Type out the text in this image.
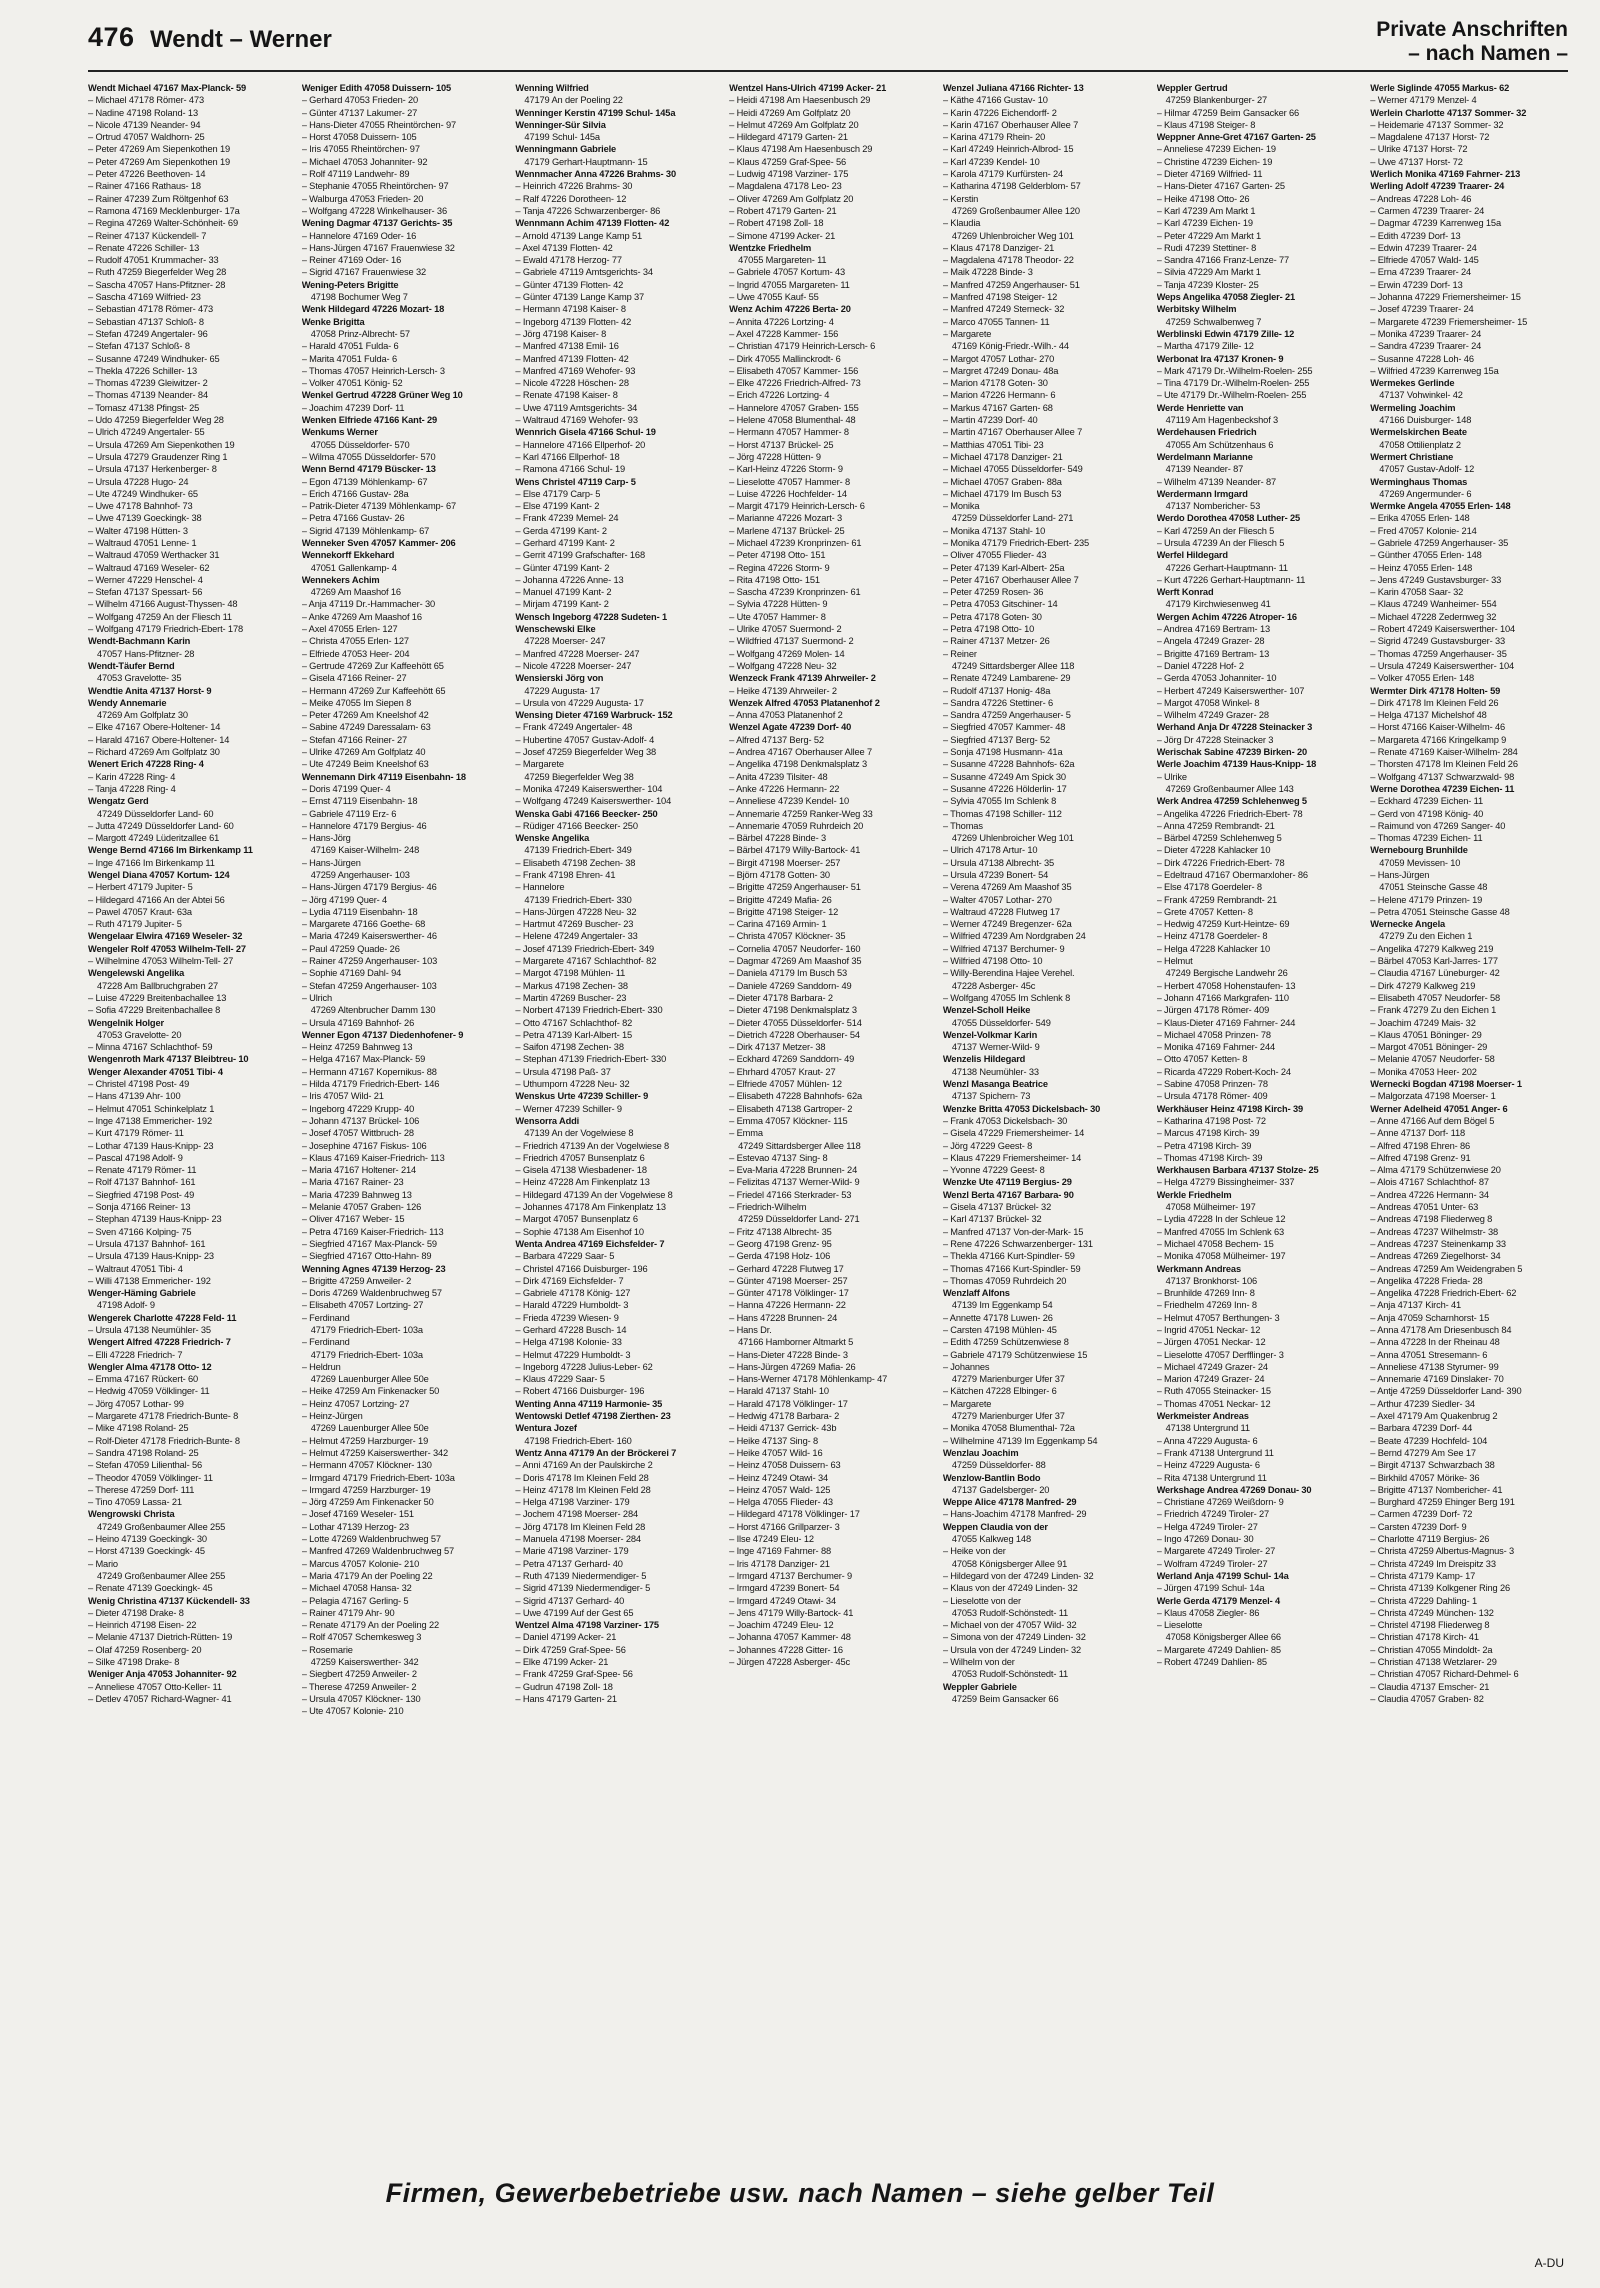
476 Wendt – Werner	Private Anschriften
– nach Namen –
Wendt Michael 47167 Max-Planck- 59
– Michael 47178 Römer- 473
– Nadine 47198 Roland- 13
– Nicole 47139 Neander- 94
– Ortrud 47057 Waldhorn- 25
– Peter 47269 Am Siepenkothen 19
– Peter 47269 Am Siepenkothen 19
– Peter 47226 Beethoven- 14
– Rainer 47166 Rathaus- 18
– Rainer 47239 Zum Röltgenhof 63
– Ramona 47169 Mecklenburger- 17a
– Regina 47269 Walter-Schönheit- 69
– Reiner 47137 Kückendell- 7
– Renate 47226 Schiller- 13
– Rudolf 47051 Krummacher- 33
– Ruth 47259 Biegerfelder Weg 28
– Sascha 47057 Hans-Pfitzner- 28
– Sascha 47169 Wilfried- 23
– Sebastian 47178 Römer- 473
– Sebastian 47137 Schloß- 8
– Stefan 47249 Angertaler- 96
– Stefan 47137 Schloß- 8
– Susanne 47249 Windhuker- 65
– Thekla 47226 Schiller- 13
– Thomas 47239 Gleiwitzer- 2
– Thomas 47139 Neander- 84
– Tomasz 47138 Pfingst- 25
– Udo 47259 Biegerfelder Weg 28
– Ulrich 47249 Angertaler- 55
– Ursula 47269 Am Siepenkothen 19
– Ursula 47279 Graudenzer Ring 1
– Ursula 47137 Herkenberger- 8
– Ursula 47228 Hugo- 24
– Ute 47249 Windhuker- 65
– Uwe 47178 Bahnhof- 73
– Uwe 47139 Goeckingk- 38
– Walter 47198 Hütten- 3
– Waltraud 47051 Lenne- 1
– Waltraud 47059 Werthacker 31
– Waltraud 47169 Weseler- 62
– Werner 47229 Henschel- 4
– Stefan 47137 Spessart- 56
– Wilhelm 47166 August-Thyssen- 48
– Wolfgang 47259 An der Fliesch 11
– Wolfgang 47179 Friedrich-Ebert- 178
Wendt-Bachmann Karin
47057 Hans-Pfitzner- 28
Wendt-Täufer Bernd
47053 Gravelotte- 35
Wendtie Anita 47137 Horst- 9
Wendy Annemarie
47269 Am Golfplatz 30
– Elke 47167 Obere-Holtener- 14
– Harald 47167 Obere-Holtener- 14
– Richard 47269 Am Golfplatz 30
Wenert Erich 47228 Ring- 4
– Karin 47228 Ring- 4
– Tanja 47228 Ring- 4
Wengatz Gerd
47249 Düsseldorfer Land- 60
– Jutta 47249 Düsseldorfer Land- 60
– Margott 47249 Lüderitzallee 61
Wenge Bernd 47166 Im Birkenkamp 11
– Inge 47166 Im Birkenkamp 11
Wengel Diana 47057 Kortum- 124
– Herbert 47179 Jupiter- 5
– Hildegard 47166 An der Abtei 56
– Pawel 47057 Kraut- 63a
– Ruth 47179 Jupiter- 5
Wengelaar Elwira 47169 Weseler- 32
Wengeler Rolf 47053 Wilhelm-Tell- 27
– Wilhelmine 47053 Wilhelm-Tell- 27
Wengelewski Angelika
47228 Am Ballbruchgraben 27
– Luise 47229 Breitenbachallee 13
– Sofia 47229 Breitenbachallee 8
Wengelnik Holger
47053 Gravelotte- 20
– Minna 47167 Schlachthof- 59
Wengenroth Mark 47137 Bleibtreu- 10
Wenger Alexander 47051 Tibi- 4
– Christel 47198 Post- 49
– Hans 47139 Ahr- 100
– Helmut 47051 Schinkelplatz 1
– Inge 47138 Emmericher- 192
– Kurt 47179 Römer- 11
– Lothar 47139 Haus-Knipp- 23
– Pascal 47198 Adolf- 9
– Renate 47179 Römer- 11
– Rolf 47137 Bahnhof- 161
– Siegfried 47198 Post- 49
– Sonja 47166 Reiner- 13
– Stephan 47139 Haus-Knipp- 23
– Sven 47166 Kolping- 75
– Ursula 47137 Bahnhof- 161
– Ursula 47139 Haus-Knipp- 23
– Waltraut 47051 Tibi- 4
– Willi 47138 Emmericher- 192
Wenger-Häming Gabriele
47198 Adolf- 9
Wengerek Charlotte 47228 Feld- 11
– Ursula 47138 Neumühler- 35
Wengert Alfred 47228 Friedrich- 7
– Elli 47228 Friedrich- 7
Wengler Alma 47178 Otto- 12
– Emma 47167 Rückert- 60
– Hedwig 47059 Völklinger- 11
– Jörg 47057 Lothar- 99
– Margarete 47178 Friedrich-Bunte- 8
– Mike 47198 Roland- 25
– Rolf-Dieter 47178 Friedrich-Bunte- 8
– Sandra 47198 Roland- 25
– Stefan 47059 Lilienthal- 56
– Theodor 47059 Völklinger- 11
– Therese 47259 Dorf- 111
– Tino 47059 Lassa- 21
Wengrowski Christa
47249 Großenbaumer Allee 255
– Heino 47139 Goeckingk- 30
– Horst 47139 Goeckingk- 45
– Mario
47249 Großenbaumer Allee 255
– Renate 47139 Goeckingk- 45
Wenig Christina 47137 Kückendell- 33
– Dieter 47198 Drake- 8
– Heinrich 47198 Eisen- 22
– Melanie 47137 Dietrich-Rütten- 19
– Olaf 47259 Rosenberg- 20
– Silke 47198 Drake- 8
Weniger Anja 47053 Johanniter- 92
– Anneliese 47057 Otto-Keller- 11
– Detlev 47057 Richard-Wagner- 41
Weniger Edith 47058 Duissern- 105
– Gerhard 47053 Frieden- 20
– Günter 47137 Lakumer- 27
– Hans-Dieter 47055 Rheintörchen- 97
– Horst 47058 Duissern- 105
– Iris 47055 Rheintörchen- 97
– Michael 47053 Johanniter- 92
– Rolf 47119 Landwehr- 89
– Stephanie 47055 Rheintörchen- 97
– Walburga 47053 Frieden- 20
– Wolfgang 47228 Winkelhauser- 36
Wening Dagmar 47137 Gerichts- 35
– Hannelore 47169 Oder- 16
– Hans-Jürgen 47167 Frauenwiese 32
– Reiner 47169 Oder- 16
– Sigrid 47167 Frauenwiese 32
Wening-Peters Brigitte
47198 Bochumer Weg 7
Wenk Hildegard 47226 Mozart- 18
Wenke Brigitta
47058 Prinz-Albrecht- 57
– Harald 47051 Fulda- 6
– Marita 47051 Fulda- 6
– Thomas 47057 Heinrich-Lersch- 3
– Volker 47051 König- 52
Wenkel Gertrud 47228 Grüner Weg 10
– Joachim 47239 Dorf- 11
Wenken Elfriede 47166 Kant- 29
Wenkums Werner
47055 Düsseldorfer- 570
– Wilma 47055 Düsseldorfer- 570
Wenn Bernd 47179 Büscker- 13
– Egon 47139 Möhlenkamp- 67
– Erich 47166 Gustav- 28a
– Patrik-Dieter 47139 Möhlenkamp- 67
– Petra 47166 Gustav- 26
– Sigrid 47139 Möhlenkamp- 67
Wenneker Sven 47057 Kammer- 206
Wennekorff Ekkehard
47051 Gallenkamp- 4
Wennekers Achim
47269 Am Maashof 16
– Anja 47119 Dr.-Hammacher- 30
– Anke 47269 Am Maashof 16
– Axel 47055 Erlen- 127
– Christa 47055 Erlen- 127
– Elfriede 47053 Heer- 204
– Gertrude 47269 Zur Kaffeehött 65
– Gisela 47166 Reiner- 27
– Hermann 47269 Zur Kaffeehött 65
– Meike 47055 Im Siepen 8
– Peter 47269 Am Kneelshof 42
– Sabine 47249 Daressalam- 63
– Stefan 47166 Reiner- 27
– Ulrike 47269 Am Golfplatz 40
– Ute 47249 Beim Kneelshof 63
Wennemann Dirk 47119 Eisenbahn- 18
– Doris 47199 Quer- 4
– Ernst 47119 Eisenbahn- 18
– Gabriele 47119 Erz- 6
– Hannelore 47179 Bergius- 46
– Hans-Jörg
47169 Kaiser-Wilhelm- 248
– Hans-Jürgen
47259 Angerhauser- 103
– Hans-Jürgen 47179 Bergius- 46
– Jörg 47199 Quer- 4
– Lydia 47119 Eisenbahn- 18
– Margarete 47166 Goethe- 68
– Maria 47249 Kaiserswerther- 46
– Paul 47259 Quade- 26
– Rainer 47259 Angerhauser- 103
– Sophie 47169 Dahl- 94
– Stefan 47259 Angerhauser- 103
– Ulrich
47269 Altenbrucher Damm 130
– Ursula 47169 Bahnhof- 26
Wenner Egon 47137 Diedenhofener- 9
– Heinz 47259 Bahnweg 13
– Helga 47167 Max-Planck- 59
– Hermann 47167 Kopernikus- 88
– Hilda 47179 Friedrich-Ebert- 146
– Iris 47057 Wild- 21
– Ingeborg 47229 Krupp- 40
– Johann 47137 Brückel- 106
– Josef 47057 Wittbruch- 28
– Josephine 47167 Fiskus- 106
– Klaus 47169 Kaiser-Friedrich- 113
– Maria 47167 Holtener- 214
– Maria 47167 Rainer- 23
– Maria 47239 Bahnweg 13
– Melanie 47057 Graben- 126
– Oliver 47167 Weber- 15
– Petra 47169 Kaiser-Friedrich- 113
– Siegfried 47167 Max-Planck- 59
– Siegfried 47167 Otto-Hahn- 89
Wenning Agnes 47139 Herzog- 23
– Brigitte 47259 Anweiler- 2
– Doris 47269 Waldenbruchweg 57
– Elisabeth 47057 Lortzing- 27
– Ferdinand
47179 Friedrich-Ebert- 103a
– Ferdinand
47179 Friedrich-Ebert- 103a
– Heldrun
47269 Lauenburger Allee 50e
– Heike 47259 Am Finkenacker 50
– Heinz 47057 Lortzing- 27
– Heinz-Jürgen
47269 Lauenburger Allee 50e
– Helmut 47259 Harzburger- 19
– Helmut 47259 Kaiserswerther- 342
– Hermann 47057 Klöckner- 130
– Irmgard 47179 Friedrich-Ebert- 103a
– Irmgard 47259 Harzburger- 19
– Jörg 47259 Am Finkenacker 50
– Josef 47169 Weseler- 151
– Lothar 47139 Herzog- 23
– Lotte 47269 Waldenbruchweg 57
– Manfred 47269 Waldenbruchweg 57
– Marcus 47057 Kolonie- 210
– Maria 47179 An der Poeling 22
– Michael 47058 Hansa- 32
– Pelagia 47167 Gerling- 5
– Rainer 47179 Ahr- 90
– Renate 47179 An der Poeling 22
– Rolf 47057 Schemkesweg 3
– Rosemarie
47259 Kaiserswerther- 342
– Siegbert 47259 Anweiler- 2
– Therese 47259 Anweiler- 2
– Ursula 47057 Klöckner- 130
– Ute 47057 Kolonie- 210
Wenning Wilfried
47179 An der Poeling 22
Wenninger Kerstin 47199 Schul- 145a
Wenninger-Sür Silvia
47199 Schul- 145a
Wenningmann Gabriele
47179 Gerhart-Hauptmann- 15
Wennmacher Anna 47226 Brahms- 30
– Heinrich 47226 Brahms- 30
– Ralf 47226 Dorotheen- 12
– Tanja 47226 Schwarzenberger- 86
Wennmann Achim 47139 Flotten- 42
– Arnold 47139 Lange Kamp 51
– Axel 47139 Flotten- 42
– Ewald 47178 Herzog- 77
– Gabriele 47119 Amtsgerichts- 34
– Günter 47139 Flotten- 42
– Günter 47139 Lange Kamp 37
– Hermann 47198 Kaiser- 8
– Ingeborg 47139 Flotten- 42
– Jörg 47198 Kaiser- 8
– Manfred 47138 Emil- 16
– Manfred 47139 Flotten- 42
– Manfred 47169 Wehofer- 93
– Nicole 47228 Höschen- 28
– Renate 47198 Kaiser- 8
– Uwe 47119 Amtsgerichts- 34
– Waltraud 47169 Wehofer- 93
Wennrich Gisela 47166 Schul- 19
– Hannelore 47166 Ellperhof- 20
– Karl 47166 Ellperhof- 18
– Ramona 47166 Schul- 19
Wens Christel 47119 Carp- 5
– Else 47179 Carp- 5
– Else 47199 Kant- 2
– Frank 47239 Memel- 24
– Gerda 47199 Kant- 2
– Gerhard 47199 Kant- 2
– Gerrit 47199 Grafschafter- 168
– Günter 47199 Kant- 2
– Johanna 47226 Anne- 13
– Manuel 47199 Kant- 2
– Mirjam 47199 Kant- 2
Wensch Ingeborg 47228 Sudeten- 1
Wenschewski Elke
47228 Moerser- 247
– Manfred 47228 Moerser- 247
– Nicole 47228 Moerser- 247
Wensierski Jörg von
47229 Augusta- 17
– Ursula von 47229 Augusta- 17
Wensing Dieter 47169 Warbruck- 152
– Frank 47249 Angertaler- 48
– Hubertine 47057 Gustav-Adolf- 4
– Josef 47259 Biegerfelder Weg 38
– Margarete
47259 Biegerfelder Weg 38
– Monika 47249 Kaiserswerther- 104
– Wolfgang 47249 Kaiserswerther- 104
Wenska Gabi 47166 Beecker- 250
– Rüdiger 47166 Beecker- 250
Wenske Angelika
47139 Friedrich-Ebert- 349
– Elisabeth 47198 Zechen- 38
– Frank 47198 Ehren- 41
– Hannelore
47139 Friedrich-Ebert- 330
– Hans-Jürgen 47228 Neu- 32
– Hartmut 47269 Buscher- 23
– Helene 47249 Angertaler- 33
– Josef 47139 Friedrich-Ebert- 349
– Margarete 47167 Schlachthof- 82
– Margot 47198 Mühlen- 11
– Markus 47198 Zechen- 38
– Martin 47269 Buscher- 23
– Norbert 47139 Friedrich-Ebert- 330
– Otto 47167 Schlachthof- 82
– Petra 47139 Karl-Albert- 15
– Saifon 47198 Zechen- 38
– Stephan 47139 Friedrich-Ebert- 330
– Ursula 47198 Paß- 37
– Uthumporn 47228 Neu- 32
Wenskus Urte 47239 Schiller- 9
– Werner 47239 Schiller- 9
Wensorra Addi
47139 An der Vogelwiese 8
– Friedrich 47139 An der Vogelwiese 8
– Friedrich 47057 Bunsenplatz 6
– Gisela 47138 Wiesbadener- 18
– Heinz 47228 Am Finkenplatz 13
– Hildegard 47139 An der Vogelwiese 8
– Johannes 47178 Am Finkenplatz 13
– Margot 47057 Bunsenplatz 6
– Sophie 47138 Am Eisenhof 10
Wenta Andrea 47169 Eichsfelder- 7
– Barbara 47229 Saar- 5
– Christel 47166 Duisburger- 196
– Dirk 47169 Eichsfelder- 7
– Gabriele 47178 König- 127
– Harald 47229 Humboldt- 3
– Frieda 47239 Wiesen- 9
– Gerhard 47228 Busch- 14
– Helga 47198 Kolonie- 33
– Helmut 47229 Humboldt- 3
– Ingeborg 47228 Julius-Leber- 62
– Klaus 47229 Saar- 5
– Robert 47166 Duisburger- 196
Wenting Anna 47119 Harmonie- 35
Wentowski Detlef 47198 Zierthen- 23
Wentura Jozef
47198 Friedrich-Ebert- 160
Wentz Anna 47179 An der Bröckerei 7
– Anni 47169 An der Paulskirche 2
– Doris 47178 Im Kleinen Feld 28
– Heinz 47178 Im Kleinen Feld 28
– Helga 47198 Varziner- 179
– Jochem 47198 Moerser- 284
– Jörg 47178 Im Kleinen Feld 28
– Manuela 47198 Moerser- 284
– Marie 47198 Varziner- 179
– Petra 47137 Gerhard- 40
– Ruth 47139 Niedermendiger- 5
– Sigrid 47139 Niedermendiger- 5
– Sigrid 47137 Gerhard- 40
– Uwe 47199 Auf der Gest 65
Wentzel Alma 47198 Varziner- 175
– Daniel 47199 Acker- 21
– Dirk 47259 Graf-Spee- 56
– Elke 47199 Acker- 21
– Frank 47259 Graf-Spee- 56
– Gudrun 47198 Zoll- 18
– Hans 47179 Garten- 21
Wentzel Hans-Ulrich 47199 Acker- 21
– Heidi 47198 Am Haesenbusch 29
– Heidi 47269 Am Golfplatz 20
– Helmut 47269 Am Golfplatz 20
– Hildegard 47179 Garten- 21
– Klaus 47198 Am Haesenbusch 29
– Klaus 47259 Graf-Spee- 56
– Ludwig 47198 Varziner- 175
– Magdalena 47178 Leo- 23
– Oliver 47269 Am Golfplatz 20
– Robert 47179 Garten- 21
– Robert 47198 Zoll- 18
– Simone 47199 Acker- 21
Wentzke Friedhelm
47055 Margareten- 11
– Gabriele 47057 Kortum- 43
– Ingrid 47055 Margareten- 11
– Uwe 47055 Kauf- 55
Wenz Achim 47226 Berta- 20
– Annita 47226 Lortzing- 4
– Axel 47228 Kammer- 156
– Christian 47179 Heinrich-Lersch- 6
– Dirk 47055 Mallinckrodt- 6
– Elisabeth 47057 Kammer- 156
– Elke 47226 Friedrich-Alfred- 73
– Erich 47226 Lortzing- 4
– Hannelore 47057 Graben- 155
– Helene 47058 Blumenthal- 48
– Hermann 47057 Hammer- 8
– Horst 47137 Brückel- 25
– Jörg 47228 Hütten- 9
– Karl-Heinz 47226 Storm- 9
– Lieselotte 47057 Hammer- 8
– Luise 47226 Hochfelder- 14
– Margit 47179 Heinrich-Lersch- 6
– Marianne 47226 Mozart- 3
– Marlene 47137 Brückel- 25
– Michael 47239 Kronprinzen- 61
– Peter 47198 Otto- 151
– Regina 47226 Storm- 9
– Rita 47198 Otto- 151
– Sascha 47239 Kronprinzen- 61
– Sylvia 47228 Hütten- 9
– Ute 47057 Hammer- 8
– Ulrike 47057 Suermond- 2
– Wildfried 47137 Suermond- 2
– Wolfgang 47269 Molen- 14
– Wolfgang 47228 Neu- 32
Wenzeck Frank 47139 Ahrweiler- 2
– Heike 47139 Ahrweiler- 2
Wenzek Alfred 47053 Platanenhof 2
– Anna 47053 Platanenhof 2
Wenzel Agate 47239 Dorf- 40
– Alfred 47137 Berg- 52
– Andrea 47167 Oberhauser Allee 7
– Angelika 47198 Denkmalsplatz 3
– Anita 47239 Tilsiter- 48
– Anke 47226 Hermann- 22
– Anneliese 47239 Kendel- 10
– Annemarie 47259 Ranker-Weg 33
– Annemarie 47059 Ruhrdeich 20
– Bärbel 47228 Binde- 3
– Bärbel 47179 Willy-Bartock- 41
– Birgit 47198 Moerser- 257
– Björn 47178 Gotten- 30
– Brigitte 47259 Angerhauser- 51
– Brigitte 47249 Mafia- 26
– Brigitte 47198 Steiger- 12
– Carina 47169 Armin- 1
– Christa 47057 Klöckner- 35
– Cornelia 47057 Neudorfer- 160
– Dagmar 47269 Am Maashof 35
– Daniela 47179 Im Busch 53
– Daniele 47269 Sanddorn- 49
– Dieter 47178 Barbara- 2
– Dieter 47198 Denkmalsplatz 3
– Dieter 47055 Düsseldorfer- 514
– Dietrich 47228 Oberhauser- 54
– Dirk 47137 Metzer- 38
– Eckhard 47269 Sanddorn- 49
– Ehrhard 47057 Kraut- 27
– Elfriede 47057 Mühlen- 12
– Elisabeth 47228 Bahnhofs- 62a
– Elisabeth 47138 Gartroper- 2
– Emma 47057 Klöckner- 115
– Emma
47249 Sittardsberger Allee 118
– Estevao 47137 Sing- 8
– Eva-Maria 47228 Brunnen- 24
– Felizitas 47137 Werner-Wild- 9
– Friedel 47166 Sterkrader- 53
– Friedrich-Wilhelm
47259 Düsseldorfer Land- 271
– Fritz 47138 Albrecht- 35
– Georg 47198 Grenz- 95
– Gerda 47198 Holz- 106
– Gerhard 47228 Flutweg 17
– Günter 47198 Moerser- 257
– Günter 47178 Völklinger- 17
– Hanna 47226 Hermann- 22
– Hans 47228 Brunnen- 24
– Hans Dr.
47166 Hamborner Altmarkt 5
– Hans-Dieter 47228 Binde- 3
– Hans-Jürgen 47269 Mafia- 26
– Hans-Werner 47178 Möhlenkamp- 47
– Harald 47137 Stahl- 10
– Harald 47178 Völklinger- 17
– Hedwig 47178 Barbara- 2
– Heidi 47137 Gerrick- 43b
– Heike 47137 Sing- 8
– Heike 47057 Wild- 16
– Heinz 47058 Duissern- 63
– Heinz 47249 Otawi- 34
– Heinz 47057 Wald- 125
– Helga 47055 Flieder- 43
– Hildegard 47178 Völklinger- 17
– Horst 47166 Grillparzer- 3
– Ilse 47249 Eleu- 12
– Inge 47169 Fahrner- 88
– Iris 47178 Danziger- 21
– Irmgard 47137 Berchumer- 9
– Irmgard 47239 Bonert- 54
– Irmgard 47249 Otawi- 34
– Jens 47179 Willy-Bartock- 41
– Joachim 47249 Eleu- 12
– Johanna 47057 Kammer- 48
– Johannes 47228 Gitter- 16
– Jürgen 47228 Asberger- 45c
Wenzel Juliana 47166 Richter- 13
– Käthe 47166 Gustav- 10
– Karin 47226 Eichendorff- 2
– Karin 47167 Oberhauser Allee 7
– Karina 47179 Rhein- 20
– Karl 47249 Heinrich-Albrod- 15
– Karl 47239 Kendel- 10
– Karola 47179 Kurfürsten- 24
– Katharina 47198 Gelderblom- 57
– Kerstin
47269 Großenbaumer Allee 120
– Klaudia
47269 Uhlenbroicher Weg 101
– Klaus 47178 Danziger- 21
– Magdalena 47178 Theodor- 22
– Maik 47228 Binde- 3
– Manfred 47259 Angerhauser- 51
– Manfred 47198 Steiger- 12
– Manfred 47249 Sterneck- 32
– Marco 47055 Tannen- 11
– Margarete
47169 König-Friedr.-Wilh.- 44
– Margot 47057 Lothar- 270
– Margret 47249 Donau- 48a
– Marion 47178 Goten- 30
– Marion 47226 Hermann- 6
– Markus 47167 Garten- 68
– Martin 47239 Dorf- 40
– Martin 47167 Oberhauser Allee 7
– Matthias 47051 Tibi- 23
– Michael 47178 Danziger- 21
– Michael 47055 Düsseldorfer- 549
– Michael 47057 Graben- 88a
– Michael 47179 Im Busch 53
– Monika
47259 Düsseldorfer Land- 271
– Monika 47137 Stahl- 10
– Monika 47179 Friedrich-Ebert- 235
– Oliver 47055 Flieder- 43
– Peter 47139 Karl-Albert- 25a
– Peter 47167 Oberhauser Allee 7
– Peter 47259 Rosen- 36
– Petra 47053 Gitschiner- 14
– Petra 47178 Goten- 30
– Petra 47198 Otto- 10
– Rainer 47137 Metzer- 26
– Reiner
47249 Sittardsberger Allee 118
– Renate 47249 Lambarene- 29
– Rudolf 47137 Honig- 48a
– Sandra 47226 Stettiner- 6
– Sandra 47259 Angerhauser- 5
– Siegfried 47057 Kammer- 48
– Siegfried 47137 Berg- 52
– Sonja 47198 Husmann- 41a
– Susanne 47228 Bahnhofs- 62a
– Susanne 47249 Am Spick 30
– Susanne 47226 Hölderlin- 17
– Sylvia 47055 Im Schlenk 8
– Thomas 47198 Schiller- 112
– Thomas
47269 Uhlenbroicher Weg 101
– Ulrich 47178 Artur- 10
– Ursula 47138 Albrecht- 35
– Ursula 47239 Bonert- 54
– Verena 47269 Am Maashof 35
– Walter 47057 Lothar- 270
– Waltraud 47228 Flutweg 17
– Werner 47249 Bregenzer- 62a
– Wilfried 47239 Am Nordgraben 24
– Wilfried 47137 Berchumer- 9
– Wilfried 47198 Otto- 10
– Willy-Berendina Hajee Verehel.
47228 Asberger- 45c
– Wolfgang 47055 Im Schlenk 8
Wenzel-Scholl Heike
47055 Düsseldorfer- 549
Wenzel-Volkmar Karin
47137 Werner-Wild- 9
Wenzelis Hildegard
47138 Neumühler- 33
Wenzl Masanga Beatrice
47137 Spichern- 73
Wenzke Britta 47053 Dickelsbach- 30
– Frank 47053 Dickelsbach- 30
– Gisela 47229 Friemersheimer- 14
– Jörg 47229 Geest- 8
– Klaus 47229 Friemersheimer- 14
– Yvonne 47229 Geest- 8
Wenzke Ute 47119 Bergius- 29
Wenzl Berta 47167 Barbara- 90
– Gisela 47137 Brückel- 32
– Karl 47137 Brückel- 32
– Manfred 47137 Von-der-Mark- 15
– Rene 47226 Schwarzenberger- 131
– Thekla 47166 Kurt-Spindler- 59
– Thomas 47166 Kurt-Spindler- 59
– Thomas 47059 Ruhrdeich 20
Wenzlaff Alfons
47139 Im Eggenkamp 54
– Annette 47178 Luwen- 26
– Carsten 47198 Mühlen- 45
– Edith 47259 Schützenwiese 8
– Gabriele 47179 Schützenwiese 15
– Johannes
47279 Marienburger Ufer 37
– Kätchen 47228 Elbinger- 6
– Margarete
47279 Marienburger Ufer 37
– Monika 47058 Blumenthal- 72a
– Wilhelmine 47139 Im Eggenkamp 54
Wenzlau Joachim
47259 Düsseldorfer- 88
Wenzlow-Bantlin Bodo
47137 Gadelsberger- 20
Weppe Alice 47178 Manfred- 29
– Hans-Joachim 47178 Manfred- 29
Weppen Claudia von der
47055 Kalkweg 148
– Heike von der
47058 Königsberger Allee 91
– Hildegard von der 47249 Linden- 32
– Klaus von der 47249 Linden- 32
– Lieselotte von der
47053 Rudolf-Schönstedt- 11
– Michael von der 47057 Wild- 32
– Simona von der 47249 Linden- 32
– Ursula von der 47249 Linden- 32
– Wilhelm von der
47053 Rudolf-Schönstedt- 11
Weppler Gabriele
47259 Beim Gansacker 66
Weppler Gertrud
47259 Blankenburger- 27
– Hilmar 47259 Beim Gansacker 66
– Klaus 47198 Steiger- 8
Weppner Anne-Gret 47167 Garten- 25
– Anneliese 47239 Eichen- 19
– Christine 47239 Eichen- 19
– Dieter 47169 Wilfried- 11
– Hans-Dieter 47167 Garten- 25
– Heike 47198 Otto- 26
– Karl 47239 Am Markt 1
– Karl 47239 Eichen- 19
– Peter 47229 Am Markt 1
– Rudi 47239 Stettiner- 8
– Sandra 47166 Franz-Lenze- 77
– Silvia 47229 Am Markt 1
– Tanja 47239 Kloster- 25
Weps Angelika 47058 Ziegler- 21
Werbitsky Wilhelm
47259 Schwalbenweg 7
Werblinski Edwin 47179 Zille- 12
– Martha 47179 Zille- 12
Werbonat Ira 47137 Kronen- 9
– Mark 47179 Dr.-Wilhelm-Roelen- 255
– Tina 47179 Dr.-Wilhelm-Roelen- 255
– Ute 47179 Dr.-Wilhelm-Roelen- 255
Werde Henriette van
47119 Am Hagenbeckshof 3
Werdehausen Friedrich
47055 Am Schützenhaus 6
Werdelmann Marianne
47139 Neander- 87
– Wilhelm 47139 Neander- 87
Werdermann Irmgard
47137 Nombericher- 53
Werdo Dorothea 47058 Luther- 25
– Karl 47259 An der Fliesch 5
– Ursula 47239 An der Fliesch 5
Werfel Hildegard
47226 Gerhart-Hauptmann- 11
– Kurt 47226 Gerhart-Hauptmann- 11
Werft Konrad
47179 Kirchwiesenweg 41
Wergen Achim 47226 Atroper- 16
– Andrea 47169 Bertram- 13
– Angela 47249 Grazer- 28
– Brigitte 47169 Bertram- 13
– Daniel 47228 Hof- 2
– Gerda 47053 Johanniter- 10
– Herbert 47249 Kaiserswerther- 107
– Margot 47058 Winkel- 8
– Wilhelm 47249 Grazer- 28
Werhand Anja Dr 47228 Steinacker 3
– Jörg Dr 47228 Steinacker 3
Werischak Sabine 47239 Birken- 20
Werle Joachim 47139 Haus-Knipp- 18
– Ulrike
47269 Großenbaumer Allee 143
Werk Andrea 47259 Schlehenweg 5
– Angelika 47226 Friedrich-Ebert- 78
– Anna 47259 Rembrandt- 21
– Bärbel 47259 Schlehenweg 5
– Dieter 47228 Kahlacker 10
– Dirk 47226 Friedrich-Ebert- 78
– Edeltraud 47167 Obermarxloher- 86
– Else 47178 Goerdeler- 8
– Frank 47259 Rembrandt- 21
– Grete 47057 Ketten- 8
– Hedwig 47259 Kurt-Heintze- 69
– Heinz 47178 Goerdeler- 8
– Helga 47228 Kahlacker 10
– Helmut
47249 Bergische Landwehr 26
– Herbert 47058 Hohenstaufen- 13
– Johann 47166 Markgrafen- 110
– Jürgen 47178 Römer- 409
– Klaus-Dieter 47169 Fahrner- 244
– Michael 47058 Prinzen- 78
– Monika 47169 Fahrner- 244
– Otto 47057 Ketten- 8
– Ricarda 47229 Robert-Koch- 24
– Sabine 47058 Prinzen- 78
– Ursula 47178 Römer- 409
Werkhäuser Heinz 47198 Kirch- 39
– Katharina 47198 Post- 72
– Marcus 47198 Kirch- 39
– Petra 47198 Kirch- 39
– Thomas 47198 Kirch- 39
Werkhausen Barbara 47137 Stolze- 25
– Helga 47279 Bissingheimer- 337
Werkle Friedhelm
47058 Mülheimer- 197
– Lydia 47228 In der Schleue 12
– Manfred 47055 Im Schlenk 63
– Michael 47058 Bechem- 15
– Monika 47058 Mülheimer- 197
Werkmann Andreas
47137 Bronkhorst- 106
– Brunhilde 47269 Inn- 8
– Friedhelm 47269 Inn- 8
– Helmut 47057 Berthungen- 3
– Ingrid 47051 Neckar- 12
– Jürgen 47051 Neckar- 12
– Lieselotte 47057 Derfflinger- 3
– Michael 47249 Grazer- 24
– Marion 47249 Grazer- 24
– Ruth 47055 Steinacker- 15
– Thomas 47051 Neckar- 12
Werkmeister Andreas
47138 Untergrund 11
– Anna 47229 Augusta- 6
– Frank 47138 Untergrund 11
– Heinz 47229 Augusta- 6
– Rita 47138 Untergrund 11
Werkshage Andrea 47269 Donau- 30
– Christiane 47269 Weißdorn- 9
– Friedrich 47249 Tiroler- 27
– Helga 47249 Tiroler- 27
– Ingo 47269 Donau- 30
– Margarete 47249 Tiroler- 27
– Wolfram 47249 Tiroler- 27
Werland Anja 47199 Schul- 14a
– Jürgen 47199 Schul- 14a
Werle Gerda 47179 Menzel- 4
– Klaus 47058 Ziegler- 86
– Lieselotte
47058 Königsberger Allee 66
– Margarete 47249 Dahlien- 85
– Robert 47249 Dahlien- 85
Werle Siglinde 47055 Markus- 62
– Werner 47179 Menzel- 4
Werlein Charlotte 47137 Sommer- 32
– Heidemarie 47137 Sommer- 32
– Magdalene 47137 Horst- 72
– Ulrike 47137 Horst- 72
– Uwe 47137 Horst- 72
Werlich Monika 47169 Fahrner- 213
Werling Adolf 47239 Traarer- 24
– Andreas 47228 Loh- 46
– Carmen 47239 Traarer- 24
– Dagmar 47239 Karrenweg 15a
– Edith 47239 Dorf- 13
– Edwin 47239 Traarer- 24
– Elfriede 47057 Wald- 145
– Erna 47239 Traarer- 24
– Erwin 47239 Dorf- 13
– Johanna 47229 Friemersheimer- 15
– Josef 47239 Traarer- 24
– Margarete 47239 Friemersheimer- 15
– Monika 47239 Traarer- 24
– Sandra 47239 Traarer- 24
– Susanne 47228 Loh- 46
– Wilfried 47239 Karrenweg 15a
Wermekes Gerlinde
47137 Vohwinkel- 42
Wermeling Joachim
47166 Duisburger- 148
Wermelskirchen Beate
47058 Ottilienplatz 2
Wermert Christiane
47057 Gustav-Adolf- 12
Werminghaus Thomas
47269 Angermunder- 6
Wermke Angela 47055 Erlen- 148
– Erika 47055 Erlen- 148
– Fred 47057 Kolonie- 214
– Gabriele 47259 Angerhauser- 35
– Günther 47055 Erlen- 148
– Heinz 47055 Erlen- 148
– Jens 47249 Gustavsburger- 33
– Karin 47058 Saar- 32
– Klaus 47249 Wanheimer- 554
– Michael 47228 Zedernweg 32
– Robert 47249 Kaiserswerther- 104
– Sigrid 47249 Gustavsburger- 33
– Thomas 47259 Angerhauser- 35
– Ursula 47249 Kaiserswerther- 104
– Volker 47055 Erlen- 148
Wermter Dirk 47178 Holten- 59
– Dirk 47178 Im Kleinen Feld 26
– Helga 47137 Michelshof 48
– Horst 47166 Kaiser-Wilhelm- 46
– Margareta 47166 Kringelkamp 9
– Renate 47169 Kaiser-Wilhelm- 284
– Thorsten 47178 Im Kleinen Feld 26
– Wolfgang 47137 Schwarzwald- 98
Werne Dorothea 47239 Eichen- 11
– Eckhard 47239 Eichen- 11
– Gerd von 47198 König- 40
– Raimund von 47269 Sanger- 40
– Thomas 47239 Eichen- 11
Wernebourg Brunhilde
47059 Mevissen- 10
– Hans-Jürgen
47051 Steinsche Gasse 48
– Helene 47179 Prinzen- 19
– Petra 47051 Steinsche Gasse 48
Wernecke Angela
47279 Zu den Eichen 1
– Angelika 47279 Kalkweg 219
– Bärbel 47053 Karl-Jarres- 177
– Claudia 47167 Lüneburger- 42
– Dirk 47279 Kalkweg 219
– Elisabeth 47057 Neudorfer- 58
– Frank 47279 Zu den Eichen 1
– Joachim 47249 Mais- 32
– Klaus 47051 Böninger- 29
– Margot 47051 Böninger- 29
– Melanie 47057 Neudorfer- 58
– Monika 47053 Heer- 202
Wernecki Bogdan 47198 Moerser- 1
– Malgorzata 47198 Moerser- 1
Werner Adelheid 47051 Anger- 6
– Anne 47166 Auf dem Bögel 5
– Anne 47137 Dorf- 118
– Alfred 47198 Ehren- 86
– Alfred 47198 Grenz- 91
– Alma 47179 Schützenwiese 20
– Alois 47167 Schlachthof- 87
– Andrea 47226 Hermann- 34
– Andreas 47051 Unter- 63
– Andreas 47198 Fliederweg 8
– Andreas 47237 Wilhelmstr- 38
– Andreas 47237 Steinenkamp 33
– Andreas 47269 Ziegelhorst- 34
– Andreas 47259 Am Weidengraben 5
– Angelika 47228 Frieda- 28
– Angelika 47228 Friedrich-Ebert- 62
– Anja 47137 Kirch- 41
– Anja 47059 Scharnhorst- 15
– Anna 47178 Am Driesenbusch 84
– Anna 47228 In der Rheinau 48
– Anna 47051 Stresemann- 6
– Anneliese 47138 Styrumer- 99
– Annemarie 47169 Dinslaker- 70
– Antje 47259 Düsseldorfer Land- 390
– Arthur 47239 Siedler- 34
– Axel 47179 Am Quakenbrug 2
– Barbara 47239 Dorf- 44
– Beate 47239 Hochfeld- 104
– Bernd 47279 Am See 17
– Birgit 47137 Schwarzbach 38
– Birkhild 47057 Mörike- 36
– Brigitte 47137 Nombericher- 41
– Burghard 47259 Ehinger Berg 191
– Carmen 47239 Dorf- 72
– Carsten 47239 Dorf- 9
– Charlotte 47119 Bergius- 26
– Christa 47259 Albertus-Magnus- 3
– Christa 47249 Im Dreispitz 33
– Christa 47179 Kamp- 17
– Christa 47139 Kolkgener Ring 26
– Christa 47229 Dahling- 1
– Christa 47249 München- 132
– Christel 47198 Fliederweg 8
– Christian 47178 Kirch- 41
– Christian 47055 Mindoldt- 2a
– Christian 47138 Wetzlarer- 29
– Christian 47057 Richard-Dehmel- 6
– Claudia 47137 Emscher- 21
– Claudia 47057 Graben- 82
Firmen, Gewerbebetriebe usw. nach Namen – siehe gelber Teil
A-DU
